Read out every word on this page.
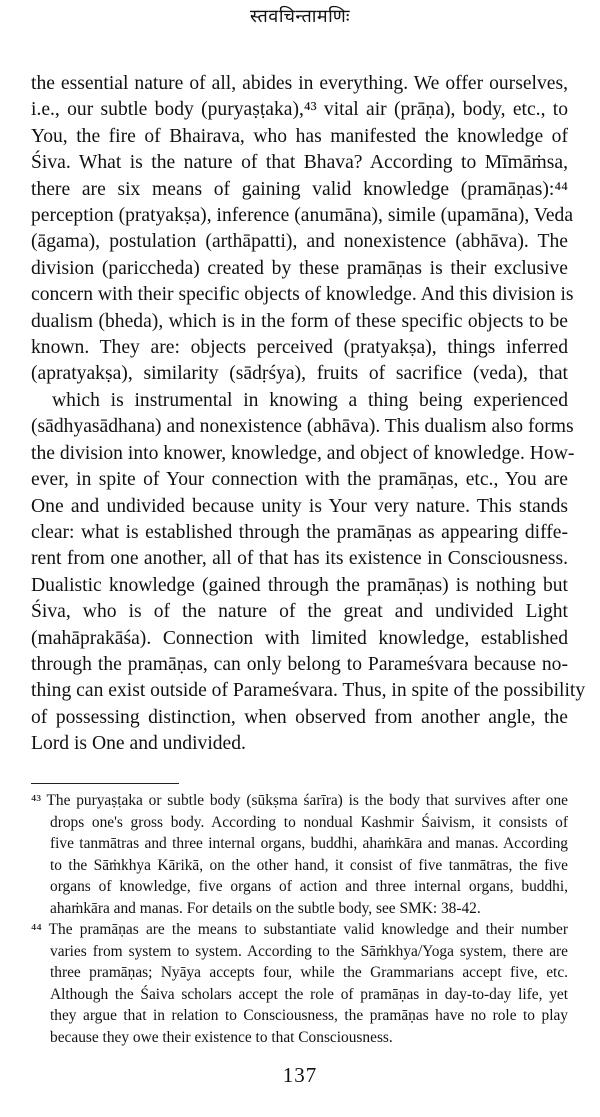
स्तवचिन्तामणिः
the essential nature of all, abides in everything. We offer ourselves,
i.e., our subtle body (puryaṣṭaka),⁴³ vital air (prāṇa), body, etc., to
You, the fire of Bhairava, who has manifested the knowledge of
Śiva. What is the nature of that Bhava? According to Mīmāṁsa,
there are six means of gaining valid knowledge (pramāṇas):⁴⁴
perception (pratyakṣa), inference (anumāna), simile (upamāna), Veda
(āgama), postulation (arthāpatti), and nonexistence (abhāva). The
division (pariccheda) created by these pramāṇas is their exclusive
concern with their specific objects of knowledge. And this division is
dualism (bheda), which is in the form of these specific objects to be
known. They are: objects perceived (pratyakṣa), things inferred
(apratyakṣa), similarity (sādṛśya), fruits of sacrifice (veda), that
which is instrumental in knowing a thing being experienced
(sādhyasādhana) and nonexistence (abhāva). This dualism also forms
the division into knower, knowledge, and object of knowledge. How-
ever, in spite of Your connection with the pramāṇas, etc., You are
One and undivided because unity is Your very nature. This stands
clear: what is established through the pramāṇas as appearing diffe-
rent from one another, all of that has its existence in Consciousness.
Dualistic knowledge (gained through the pramāṇas) is nothing but
Śiva, who is of the nature of the great and undivided Light
(mahāprakāśa). Connection with limited knowledge, established
through the pramāṇas, can only belong to Parameśvara because no-
thing can exist outside of Parameśvara. Thus, in spite of the possibility
of possessing distinction, when observed from another angle, the
Lord is One and undivided.
⁴³ The puryaṣṭaka or subtle body (sūkṣma śarīra) is the body that survives after one
drops one's gross body. According to nondual Kashmir Śaivism, it consists of
five tanmātras and three internal organs, buddhi, ahaṁkāra and manas. According
to the Sāṁkhya Kārikā, on the other hand, it consist of five tanmātras, the five
organs of knowledge, five organs of action and three internal organs, buddhi,
ahaṁkāra and manas. For details on the subtle body, see SMK: 38-42.
⁴⁴ The pramāṇas are the means to substantiate valid knowledge and their number
varies from system to system. According to the Sāṁkhya/Yoga system, there are
three pramāṇas; Nyāya accepts four, while the Grammarians accept five, etc.
Although the Śaiva scholars accept the role of pramāṇas in day-to-day life, yet
they argue that in relation to Consciousness, the pramāṇas have no role to play
because they owe their existence to that Consciousness.
137
